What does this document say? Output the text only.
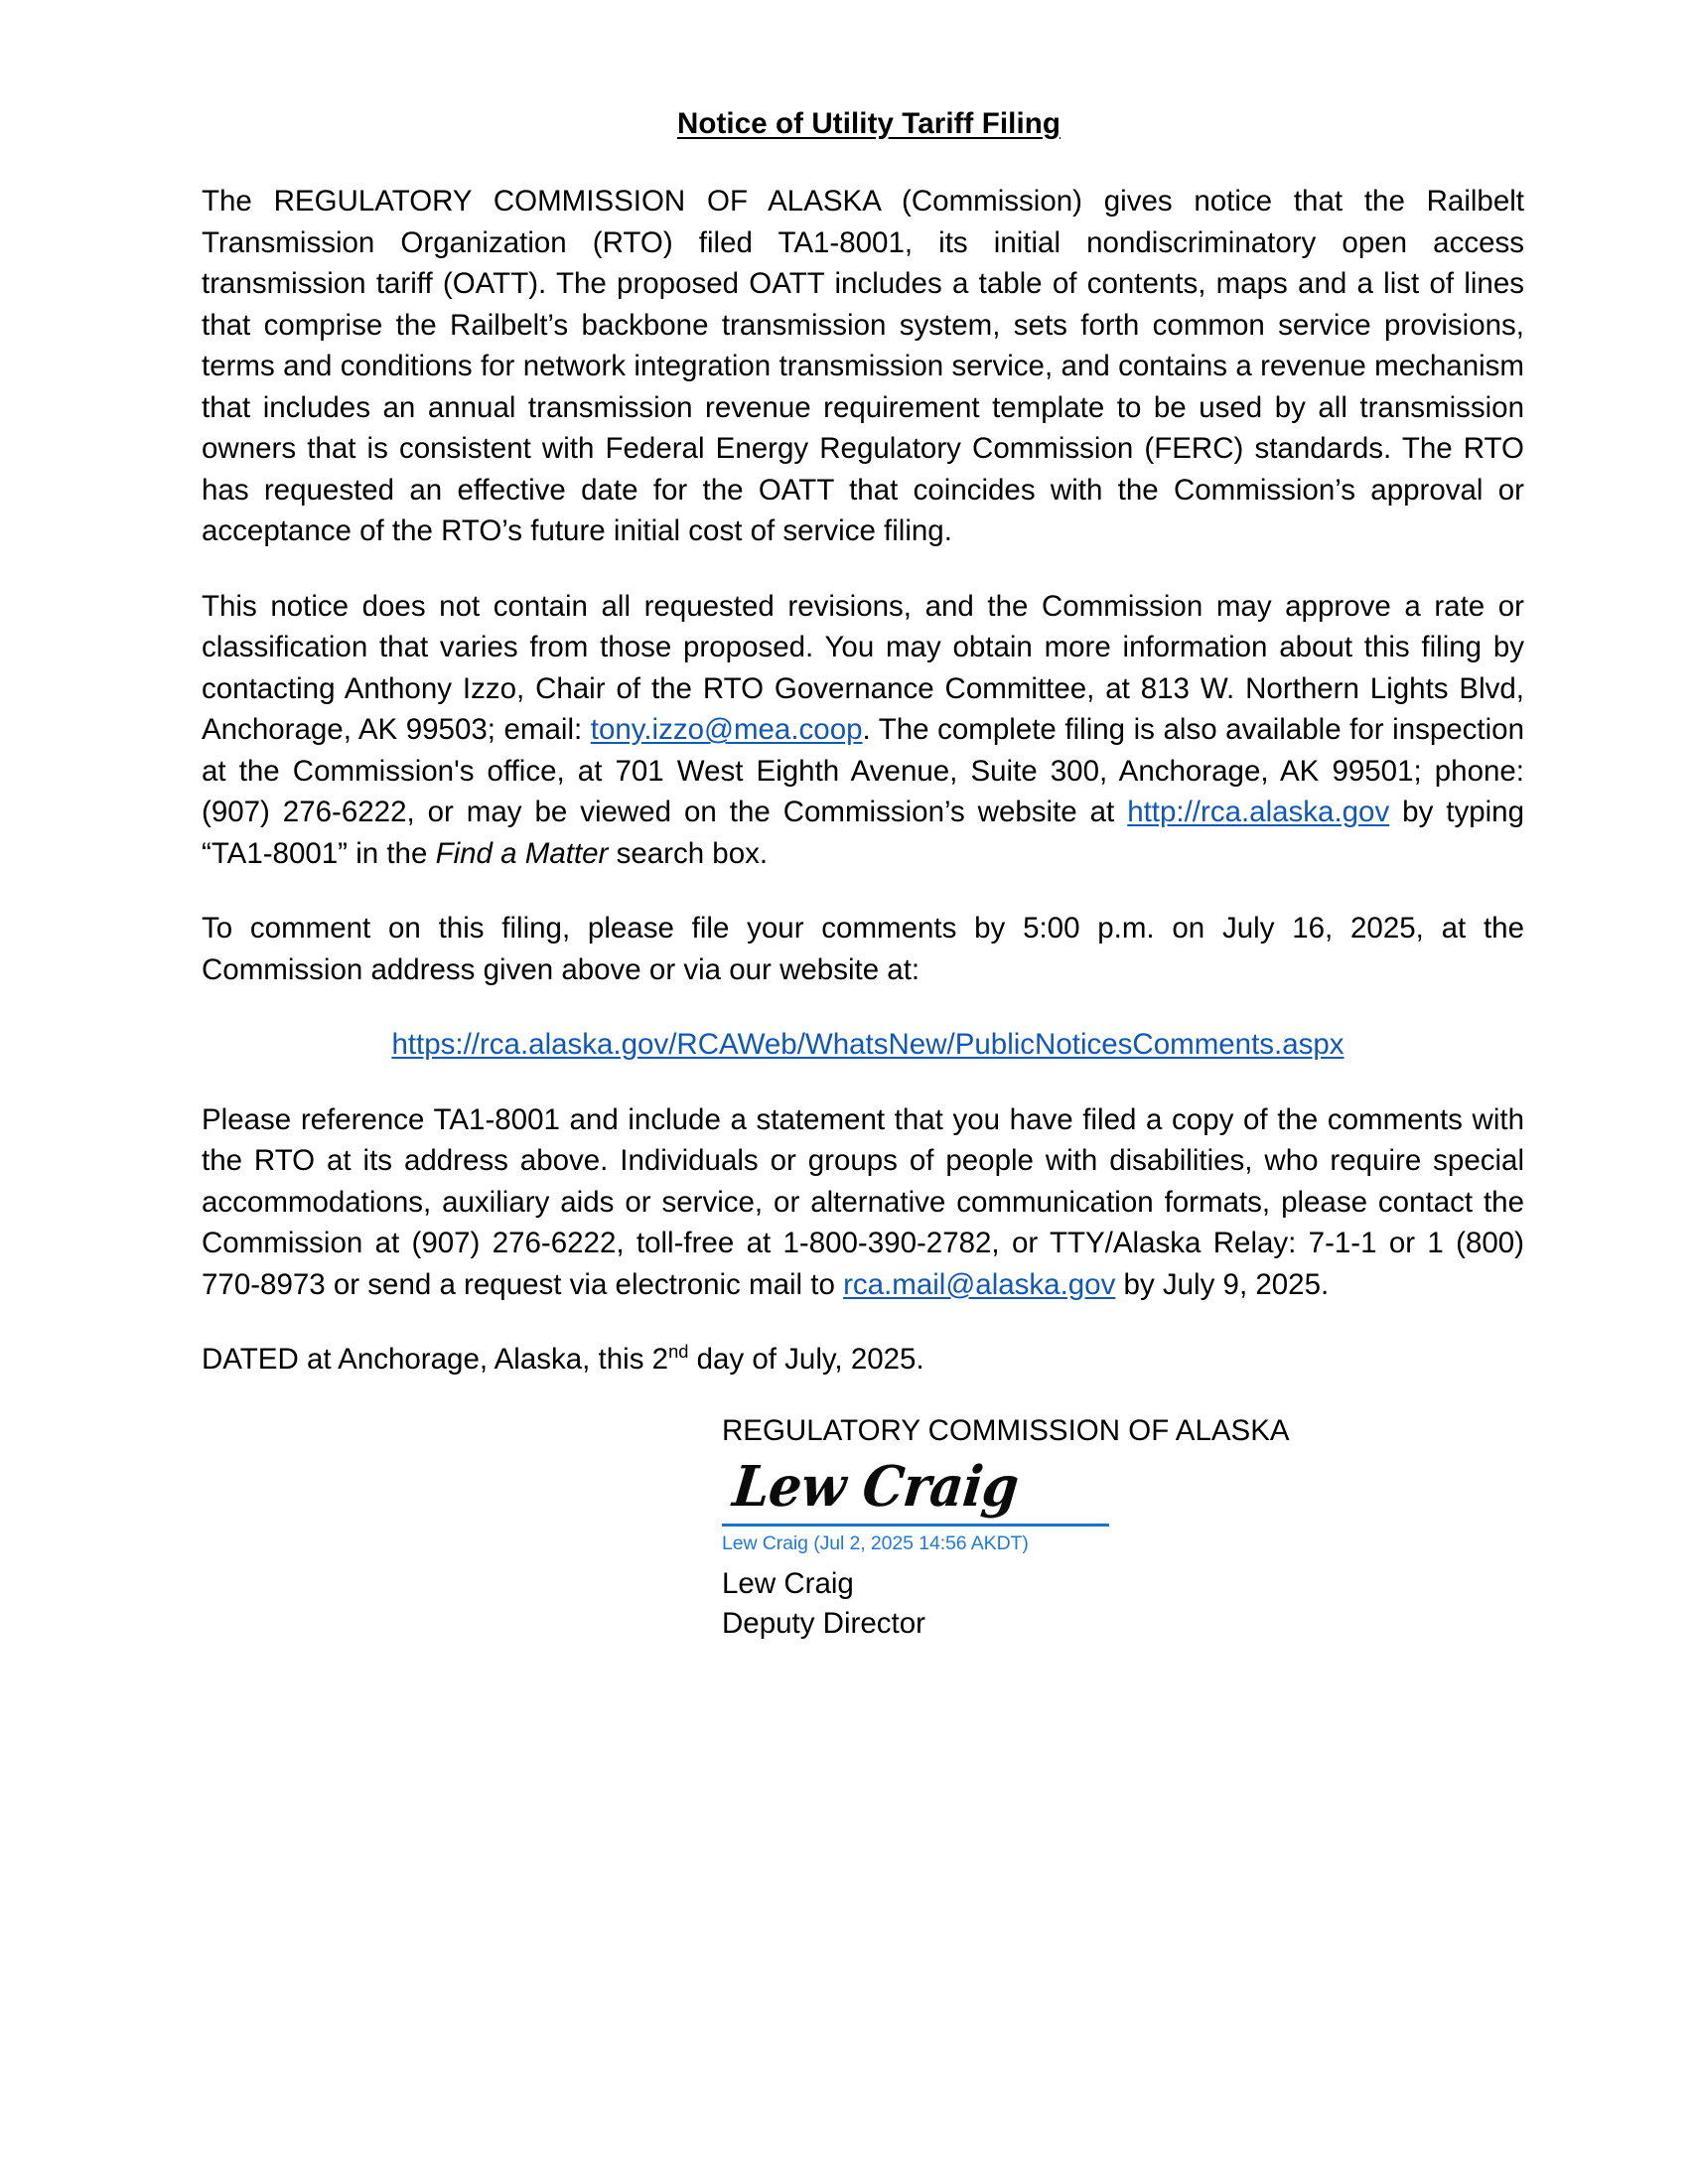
Notice of Utility Tariff Filing

The REGULATORY COMMISSION OF ALASKA (Commission) gives notice that the Railbelt Transmission Organization (RTO) filed TA1-8001, its initial nondiscriminatory open access transmission tariff (OATT). The proposed OATT includes a table of contents, maps and a list of lines that comprise the Railbelt’s backbone transmission system, sets forth common service provisions, terms and conditions for network integration transmission service, and contains a revenue mechanism that includes an annual transmission revenue requirement template to be used by all transmission owners that is consistent with Federal Energy Regulatory Commission (FERC) standards. The RTO has requested an effective date for the OATT that coincides with the Commission’s approval or acceptance of the RTO’s future initial cost of service filing.

This notice does not contain all requested revisions, and the Commission may approve a rate or classification that varies from those proposed. You may obtain more information about this filing by contacting Anthony Izzo, Chair of the RTO Governance Committee, at 813 W. Northern Lights Blvd, Anchorage, AK 99503; email: tony.izzo@mea.coop. The complete filing is also available for inspection at the Commission's office, at 701 West Eighth Avenue, Suite 300, Anchorage, AK 99501; phone: (907) 276-6222, or may be viewed on the Commission’s website at http://rca.alaska.gov by typing “TA1-8001” in the Find a Matter search box.

To comment on this filing, please file your comments by 5:00 p.m. on July 16, 2025, at the Commission address given above or via our website at:

https://rca.alaska.gov/RCAWeb/WhatsNew/PublicNoticesComments.aspx

Please reference TA1-8001 and include a statement that you have filed a copy of the comments with the RTO at its address above. Individuals or groups of people with disabilities, who require special accommodations, auxiliary aids or service, or alternative communication formats, please contact the Commission at (907) 276-6222, toll-free at 1-800-390-2782, or TTY/Alaska Relay: 7-1-1 or 1 (800) 770-8973 or send a request via electronic mail to rca.mail@alaska.gov by July 9, 2025.

DATED at Anchorage, Alaska, this 2nd day of July, 2025.
REGULATORY COMMISSION OF ALASKA
Lew Craig
Lew Craig (Jul 2, 2025 14:56 AKDT)
Lew Craig
Deputy Director
